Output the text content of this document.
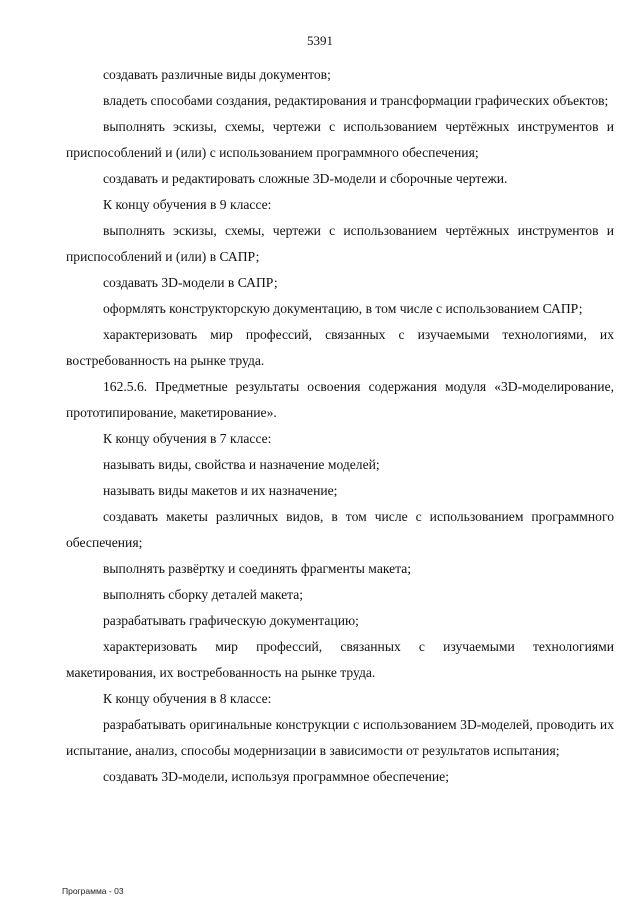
5391

создавать различные виды документов;

владеть способами создания, редактирования и трансформации графических объектов;

выполнять эскизы, схемы, чертежи с использованием чертёжных инструментов и приспособлений и (или) с использованием программного обеспечения;

создавать и редактировать сложные 3D-модели и сборочные чертежи.

К концу обучения в 9 классе:

выполнять эскизы, схемы, чертежи с использованием чертёжных инструментов и приспособлений и (или) в САПР;

создавать 3D-модели в САПР;

оформлять конструкторскую документацию, в том числе с использованием САПР;

характеризовать мир профессий, связанных с изучаемыми технологиями, их востребованность на рынке труда.

162.5.6. Предметные результаты освоения содержания модуля «3D-моделирование, прототипирование, макетирование».

К концу обучения в 7 классе:

называть виды, свойства и назначение моделей;

называть виды макетов и их назначение;

создавать макеты различных видов, в том числе с использованием программного обеспечения;

выполнять развёртку и соединять фрагменты макета;

выполнять сборку деталей макета;

разрабатывать графическую документацию;

характеризовать мир профессий, связанных с изучаемыми технологиями макетирования, их востребованность на рынке труда.

К концу обучения в 8 классе:

разрабатывать оригинальные конструкции с использованием 3D-моделей, проводить их испытание, анализ, способы модернизации в зависимости от результатов испытания;

создавать 3D-модели, используя программное обеспечение;

Программа - 03
